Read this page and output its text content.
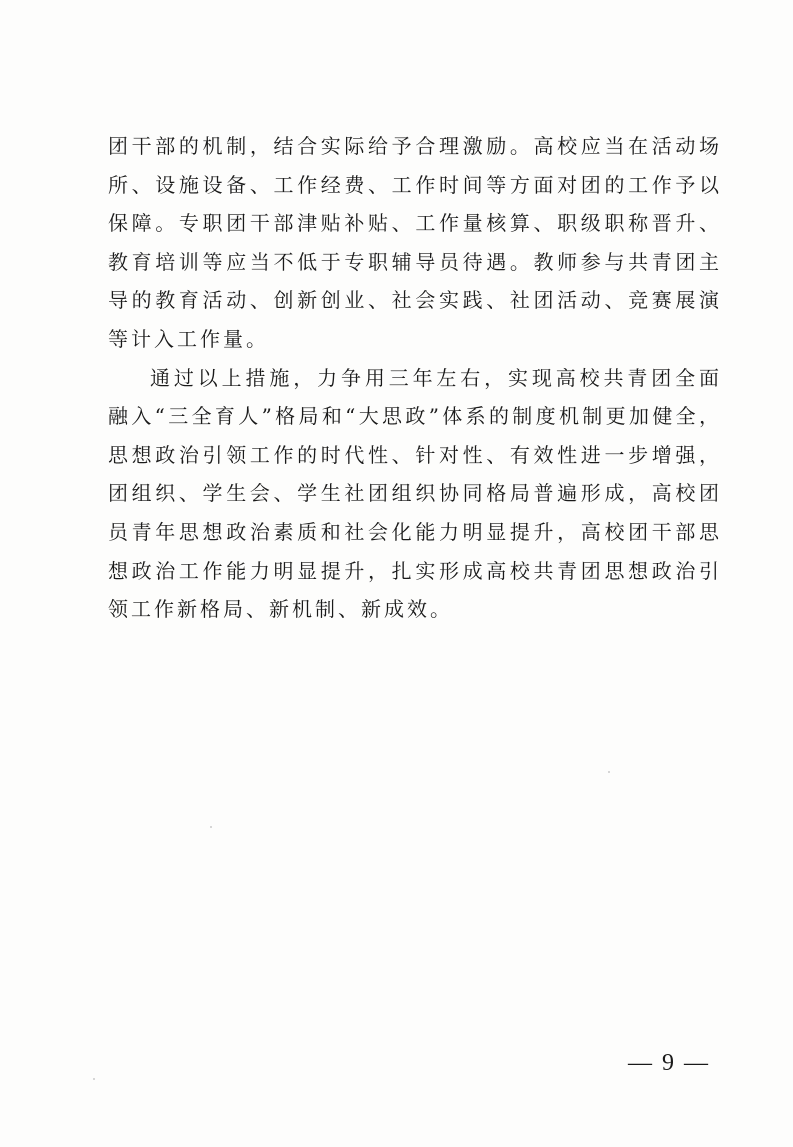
团干部的机制，结合实际给予合理激励。高校应当在活动场所、设施设备、工作经费、工作时间等方面对团的工作予以保障。专职团干部津贴补贴、工作量核算、职级职称晋升、教育培训等应当不低于专职辅导员待遇。教师参与共青团主导的教育活动、创新创业、社会实践、社团活动、竞赛展演等计入工作量。

通过以上措施，力争用三年左右，实现高校共青团全面融入“三全育人”格局和“大思政”体系的制度机制更加健全，思想政治引领工作的时代性、针对性、有效性进一步增强，团组织、学生会、学生社团组织协同格局普遍形成，高校团员青年思想政治素质和社会化能力明显提升，高校团干部思想政治工作能力明显提升，扎实形成高校共青团思想政治引领工作新格局、新机制、新成效。

— 9 —
